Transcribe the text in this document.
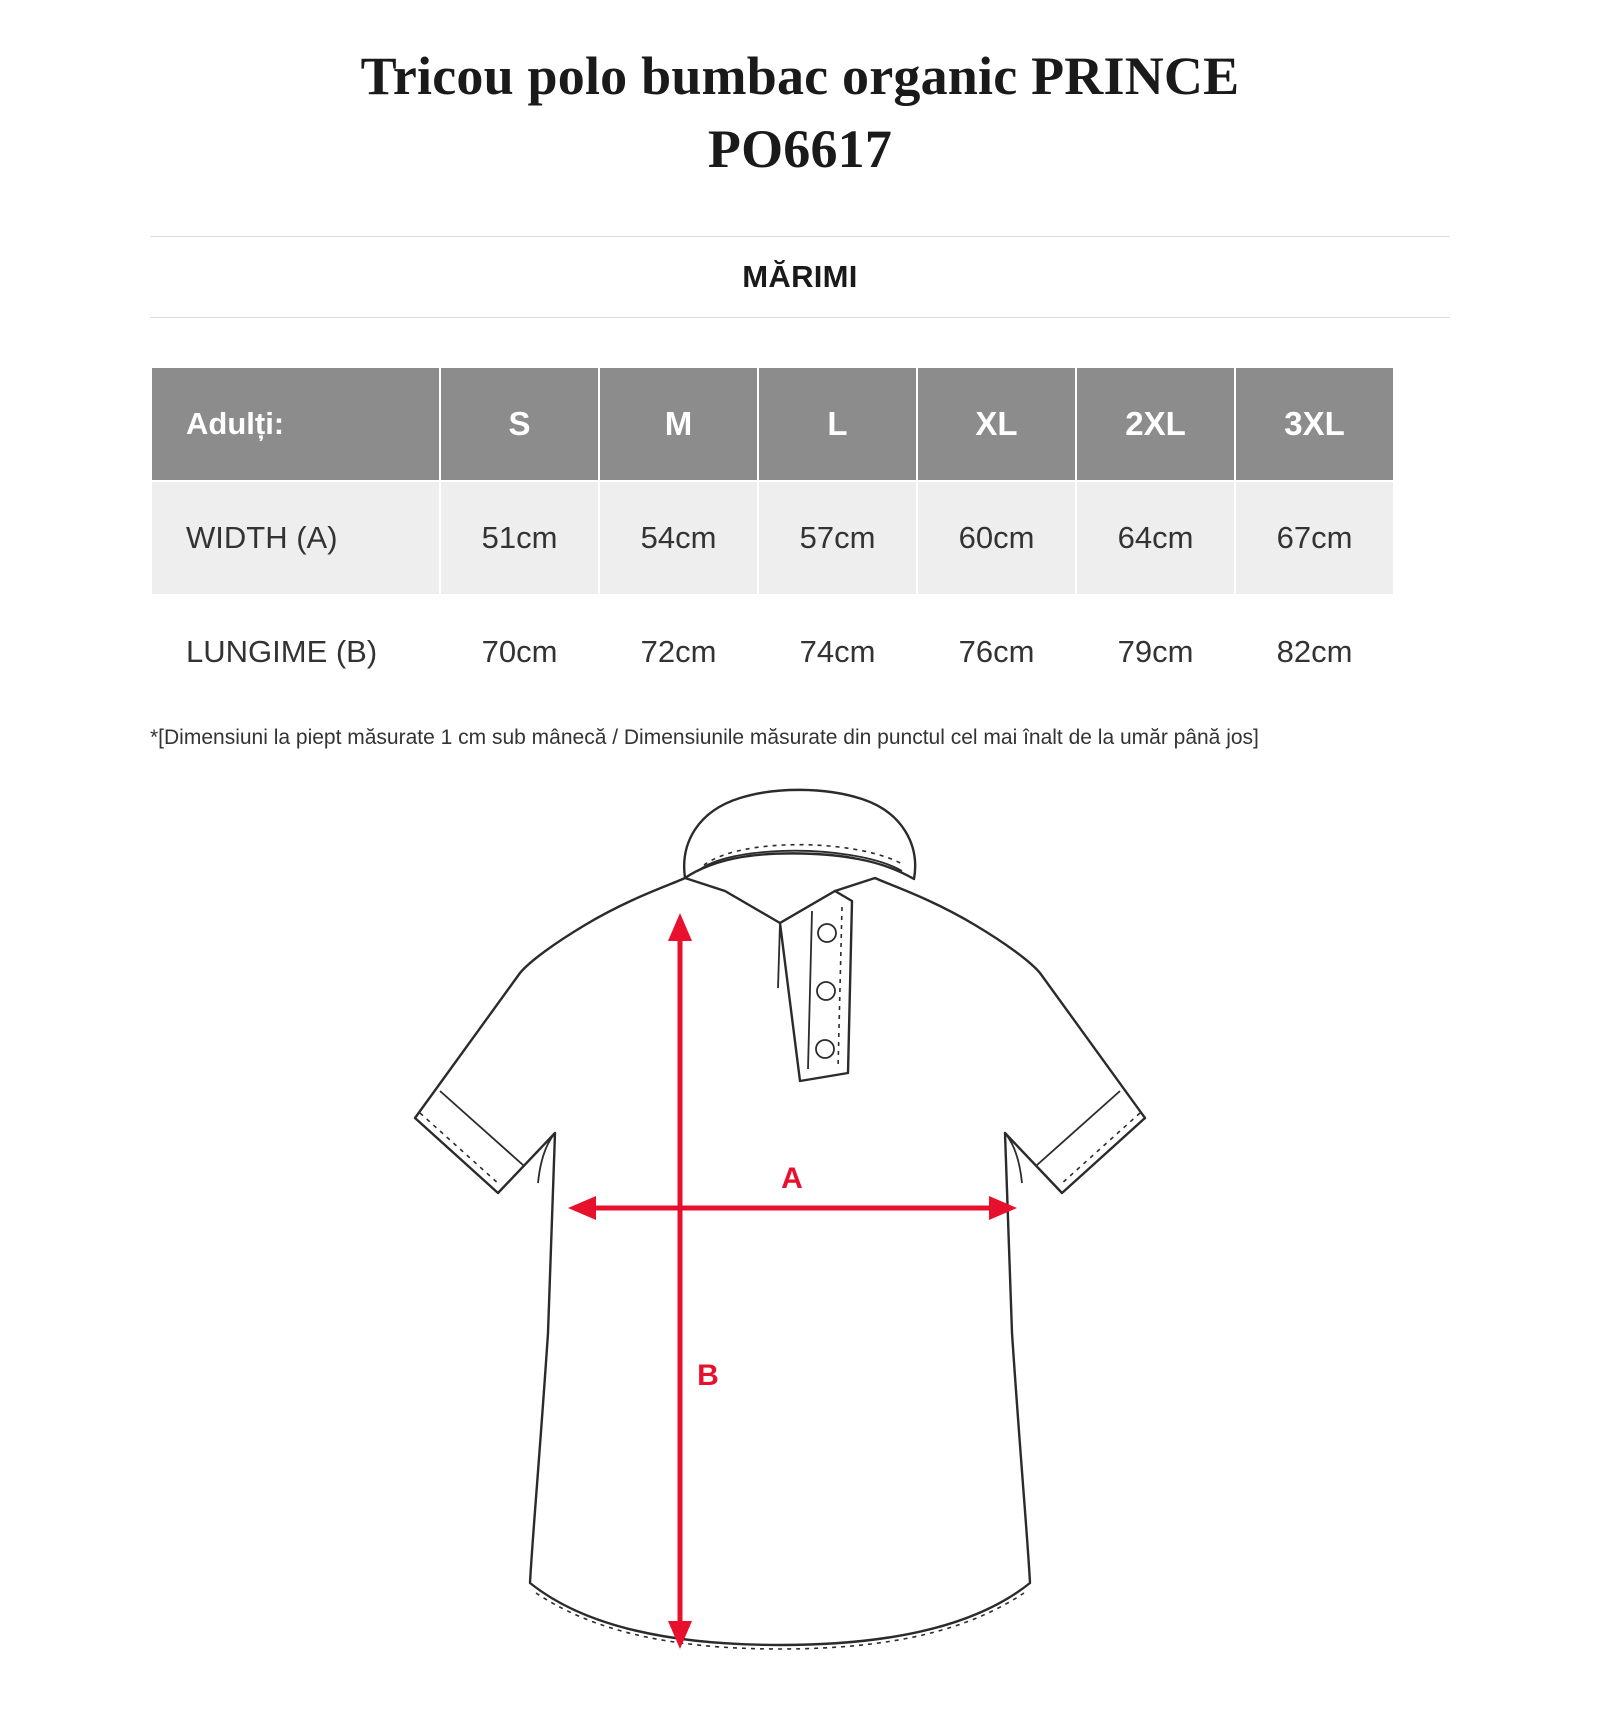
Tricou polo bumbac organic PRINCE
PO6617
MĂRIMI
Adulți:	S	M	L	XL	2XL	3XL
WIDTH (A)	51cm	54cm	57cm	60cm	64cm	67cm
LUNGIME (B)	70cm	72cm	74cm	76cm	79cm	82cm
*[Dimensiuni la piept măsurate 1 cm sub mânecă / Dimensiunile măsurate din punctul cel mai înalt de la umăr până jos]
A
B
